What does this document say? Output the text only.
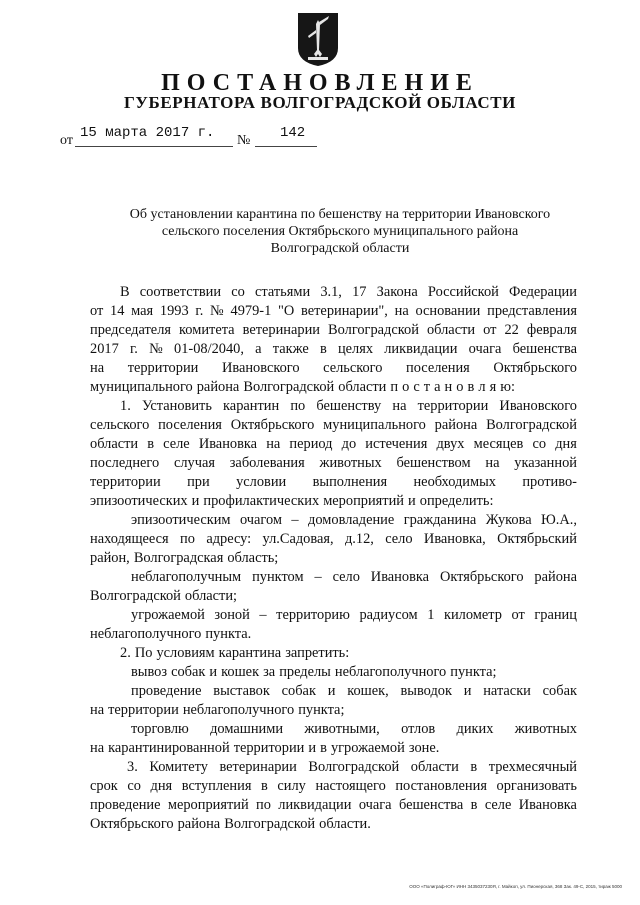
ПОСТАНОВЛЕНИЕ
ГУБЕРНАТОРА ВОЛГОГРАДСКОЙ ОБЛАСТИ
от 15 марта 2017 г. № 142
Об установлении карантина по бешенству на территории Ивановского
сельского поселения Октябрьского муниципального района
Волгоградской области
В соответствии со статьями 3.1, 17 Закона Российской Федерации
от 14 мая 1993 г. № 4979-1 "О ветеринарии", на основании представления
председателя комитета ветеринарии Волгоградской области от 22 февраля
2017 г. № 01-08/2040, а также в целях ликвидации очага бешенства
на территории Ивановского сельского поселения Октябрьского
муниципального района Волгоградской области п о с т а н о в л я ю:
1. Установить карантин по бешенству на территории Ивановского
сельского поселения Октябрьского муниципального района Волгоградской
области в селе Ивановка на период до истечения двух месяцев со дня
последнего случая заболевания животных бешенством на указанной
территории при условии выполнения необходимых противо-
эпизоотических и профилактических мероприятий и определить:
эпизоотическим очагом – домовладение гражданина Жукова Ю.А.,
находящееся по адресу: ул.Садовая, д.12, село Ивановка, Октябрьский
район, Волгоградская область;
неблагополучным пунктом – село Ивановка Октябрьского района
Волгоградской области;
угрожаемой зоной – территорию радиусом 1 километр от границ
неблагополучного пункта.
2. По условиям карантина запретить:
вывоз собак и кошек за пределы неблагополучного пункта;
проведение выставок собак и кошек, выводок и натаски собак
на территории неблагополучного пункта;
торговлю домашними животными, отлов диких животных
на карантинированной территории и в угрожаемой зоне.
3. Комитету ветеринарии Волгоградской области в трехмесячный
срок со дня вступления в силу настоящего постановления организовать
проведение мероприятий по ликвидации очага бешенства в селе Ивановка
Октябрьского района Волгоградской области.
ООО «Полиграф-ЮГ» ИНН 3435037230Я, г. Майкоп, ул. Пионерская, 368 Зак. 49-С, 2015, тираж 5000
